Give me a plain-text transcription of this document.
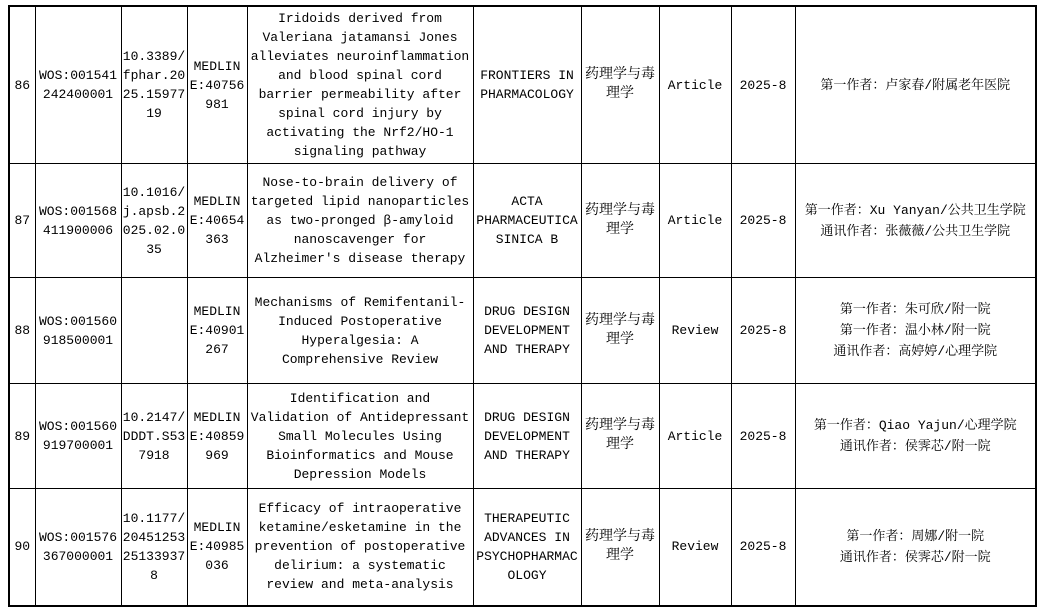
86	WOS:001541242400001	10.3389/fphar.2025.1597719	MEDLINE:40756981	Iridoids derived from Valeriana jatamansi Jones alleviates neuroinflammation and blood spinal cord barrier permeability after spinal cord injury by activating the Nrf2/HO-1 signaling pathway	FRONTIERS IN PHARMACOLOGY	药理学与毒理学	Article	2025-8	第一作者：卢家春/附属老年医院

87	WOS:001568411900006	10.1016/j.apsb.2025.02.035	MEDLINE:40654363	Nose-to-brain delivery of targeted lipid nanoparticles as two-pronged β-amyloid nanoscavenger for Alzheimer's disease therapy	ACTA PHARMACEUTICA SINICA B	药理学与毒理学	Article	2025-8	第一作者：Xu Yanyan/公共卫生学院
通讯作者：张薇薇/公共卫生学院

88	WOS:001560918500001		MEDLINE:40901267	Mechanisms of Remifentanil-Induced Postoperative Hyperalgesia: A Comprehensive Review	DRUG DESIGN DEVELOPMENT AND THERAPY	药理学与毒理学	Review	2025-8	第一作者：朱可欣/附一院
第一作者：温小林/附一院
通讯作者：高婷婷/心理学院

89	WOS:001560919700001	10.2147/DDDT.S537918	MEDLINE:40859969	Identification and Validation of Antidepressant Small Molecules Using Bioinformatics and Mouse Depression Models	DRUG DESIGN DEVELOPMENT AND THERAPY	药理学与毒理学	Article	2025-8	第一作者：Qiao Yajun/心理学院
通讯作者：侯霁芯/附一院

90	WOS:001576367000001	10.1177/20451253251339378	MEDLINE:40985036	Efficacy of intraoperative ketamine/esketamine in the prevention of postoperative delirium: a systematic review and meta-analysis	THERAPEUTIC ADVANCES IN PSYCHOPHARMACOLOGY	药理学与毒理学	Review	2025-8	第一作者：周娜/附一院
通讯作者：侯霁芯/附一院
